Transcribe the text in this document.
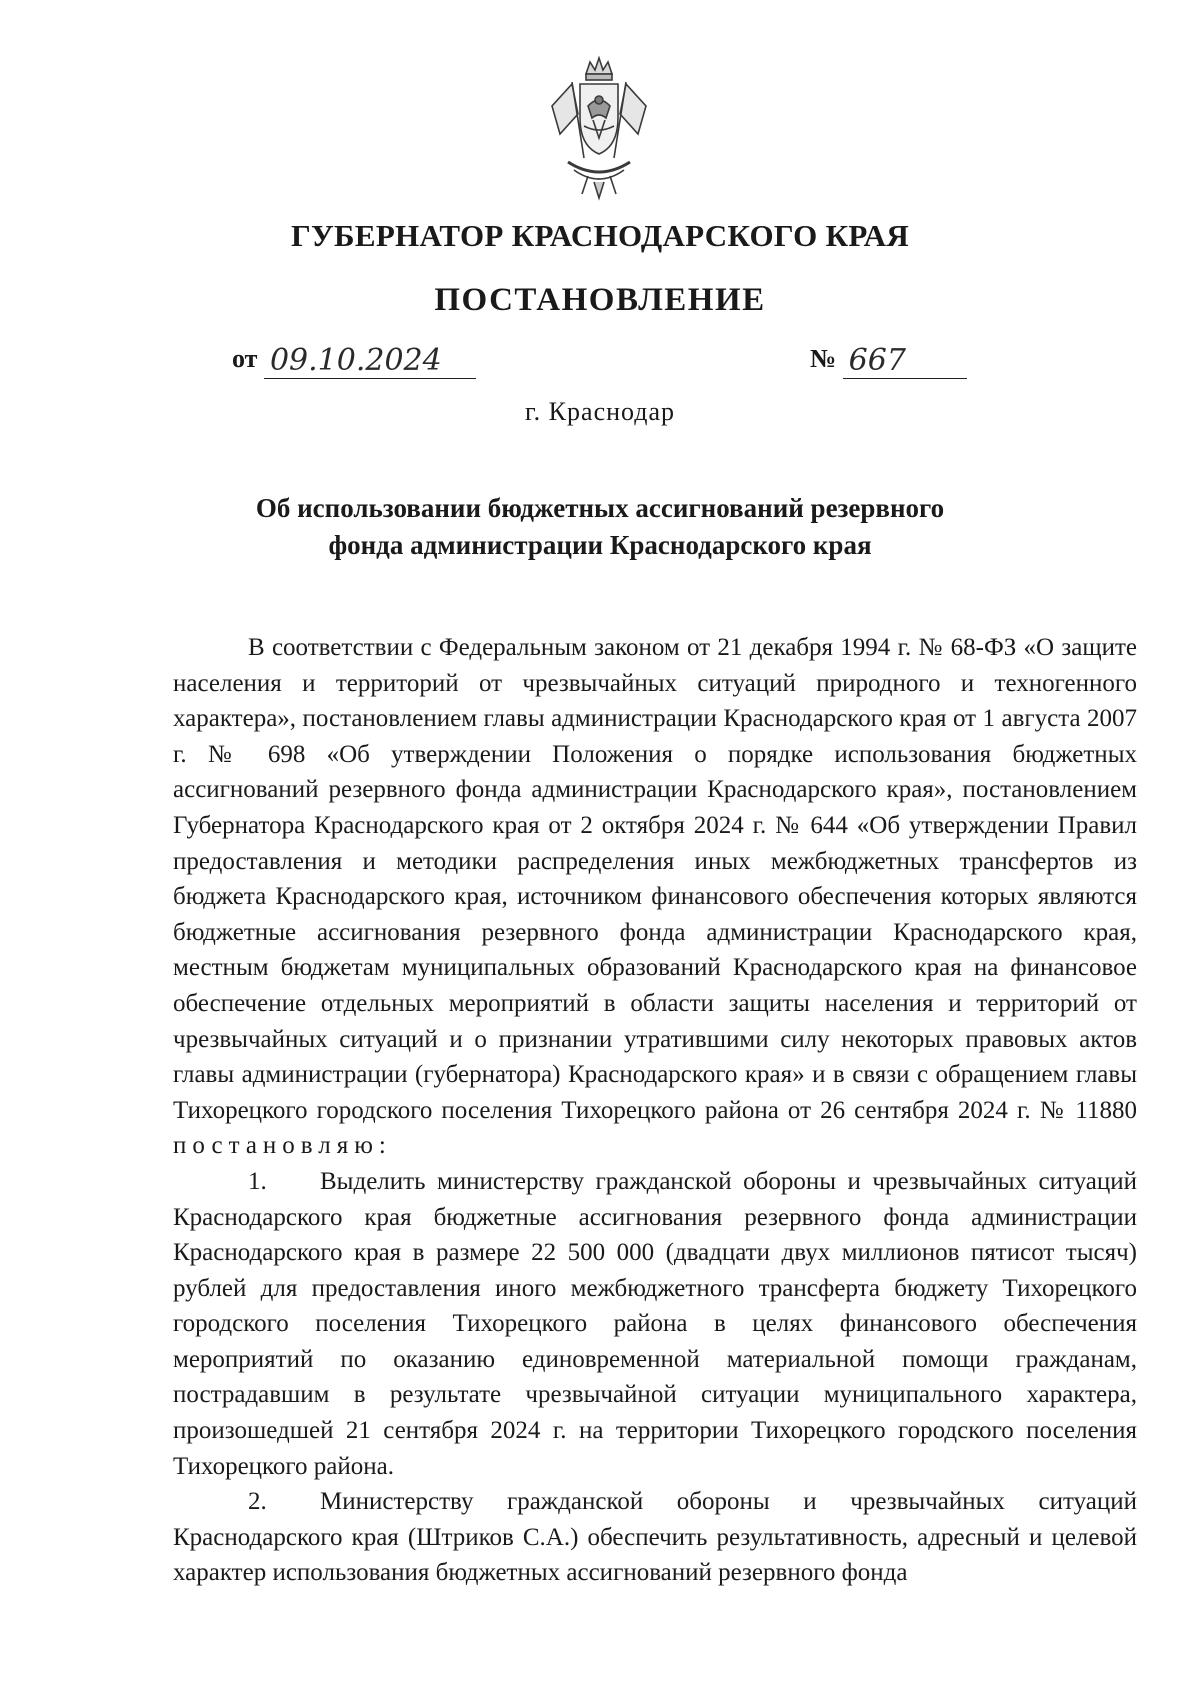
ГУБЕРНАТОР КРАСНОДАРСКОГО КРАЯ
ПОСТАНОВЛЕНИЕ
от 09.10.2024	№ 667
г. Краснодар
Об использовании бюджетных ассигнований резервного
фонда администрации Краснодарского края

В соответствии с Федеральным законом от 21 декабря 1994 г. № 68-ФЗ «О защите населения и территорий от чрезвычайных ситуаций природного и техногенного характера», постановлением главы администрации Краснодарского края от 1 августа 2007 г. № 698 «Об утверждении Положения о порядке использования бюджетных ассигнований резервного фонда администрации Краснодарского края», постановлением Губернатора Краснодарского края от 2 октября 2024 г. № 644 «Об утверждении Правил предоставления и методики распределения иных межбюджетных трансфертов из бюджета Краснодарского края, источником финансового обеспечения которых являются бюджетные ассигнования резервного фонда администрации Краснодарского края, местным бюджетам муниципальных образований Краснодарского края на финансовое обеспечение отдельных мероприятий в области защиты населения и территорий от чрезвычайных ситуаций и о признании утратившими силу некоторых правовых актов главы администрации (губернатора) Краснодарского края» и в связи с обращением главы Тихорецкого городского поселения Тихорецкого района от 26 сентября 2024 г. № 11880 постановляю:

1. Выделить министерству гражданской обороны и чрезвычайных ситуаций Краснодарского края бюджетные ассигнования резервного фонда администрации Краснодарского края в размере 22 500 000 (двадцати двух миллионов пятисот тысяч) рублей для предоставления иного межбюджетного трансферта бюджету Тихорецкого городского поселения Тихорецкого района в целях финансового обеспечения мероприятий по оказанию единовременной материальной помощи гражданам, пострадавшим в результате чрезвычайной ситуации муниципального характера, произошедшей 21 сентября 2024 г. на территории Тихорецкого городского поселения Тихорецкого района.

2. Министерству гражданской обороны и чрезвычайных ситуаций Краснодарского края (Штриков С.А.) обеспечить результативность, адресный и целевой характер использования бюджетных ассигнований резервного фонда
